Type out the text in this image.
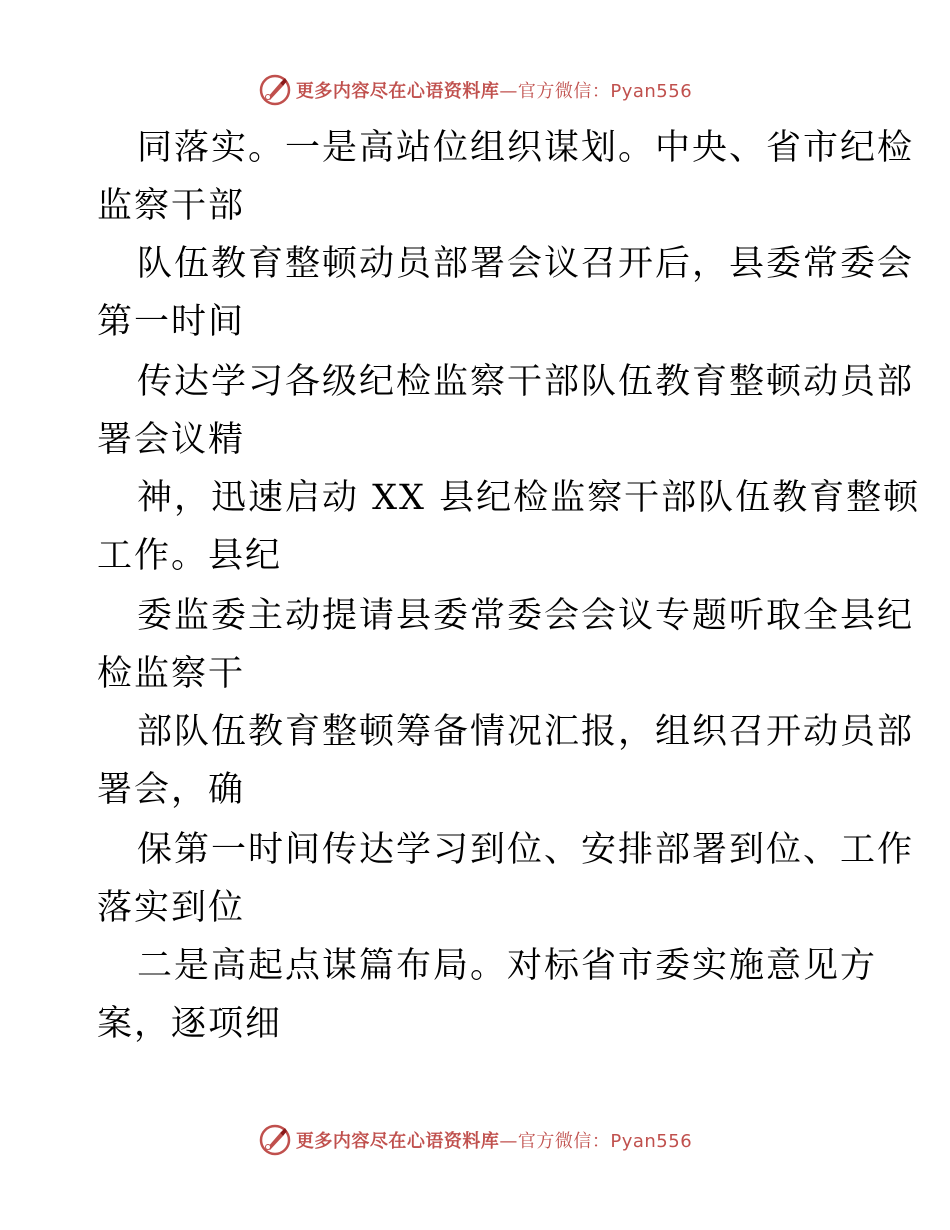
更多内容尽在心语资料库—官方微信：Pyan556
同落实。一是高站位组织谋划。中央、省市纪检
监察干部
队伍教育整顿动员部署会议召开后，县委常委会
第一时间
传达学习各级纪检监察干部队伍教育整顿动员部
署会议精
神，迅速启动 XX 县纪检监察干部队伍教育整顿
工作。县纪
委监委主动提请县委常委会会议专题听取全县纪
检监察干
部队伍教育整顿筹备情况汇报，组织召开动员部
署会，确
保第一时间传达学习到位、安排部署到位、工作
落实到位
二是高起点谋篇布局。对标省市委实施意见方
案，逐项细
更多内容尽在心语资料库—官方微信：Pyan556
